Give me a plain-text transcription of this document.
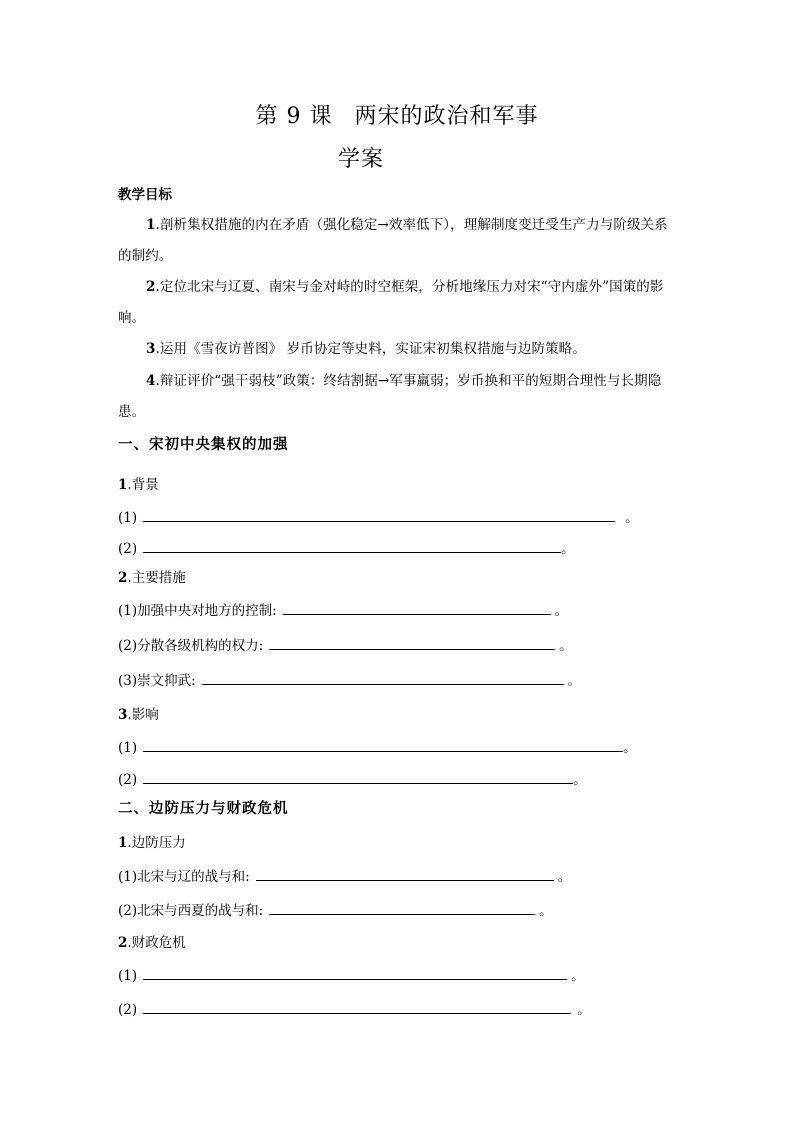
第 9 课 两宋的政治和军事
学案
教学目标
1.剖析集权措施的内在矛盾（强化稳定→效率低下），理解制度变迁受生产力与阶级关系的制约。
2.定位北宋与辽夏、南宋与金对峙的时空框架，分析地缘压力对宋“守内虚外”国策的影响。
3.运用《雪夜访普图》 岁币协定等史料，实证宋初集权措施与边防策略。
4.辩证评价“强干弱枝”政策：终结割据→军事羸弱；岁币换和平的短期合理性与长期隐患。
一、宋初中央集权的加强
1.背景
(1)	。
(2)	。
2.主要措施
(1)加强中央对地方的控制:	。
(2)分散各级机构的权力:	。
(3)崇文抑武:	。
3.影响
(1)	。
(2)	。
二、边防压力与财政危机
1.边防压力
(1)北宋与辽的战与和:	。
(2)北宋与西夏的战与和:	。
2.财政危机
(1)	。
(2)	。
